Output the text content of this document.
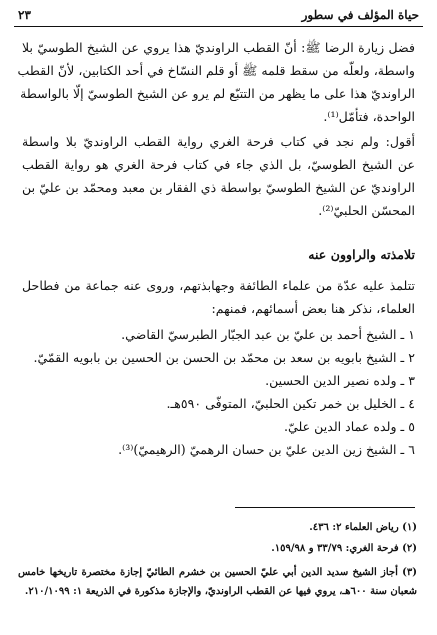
حياة المؤلف في سطور
٢٣
فضل زيارة الرضا ﷺ: أنّ القطب الراونديّ هذا يروي عن الشيخ الطوسيّ بلا
واسطة، ولعلّه من سقط قلمه ﷺ أو قلم النسّاخ في أحد الكتابين، لأنّ القطب
الراونديّ هذا على ما يظهر من التتبّع لم يرو عن الشيخ الطوسيّ إلّا بالواسطة
الواحدة، فتأمّل⁽¹⁾.
أقول: ولم نجد في كتاب فرحة الغري رواية القطب الراونديّ بلا واسطة
عن الشيخ الطوسيّ، بل الذي جاء في كتاب فرحة الغري هو رواية القطب
الراونديّ عن الشيخ الطوسيّ بواسطة ذي الفقار بن معبد ومحمّد بن عليّ بن
المحسّن الحلبيّ⁽²⁾.
تلامذته والراوون عنه
تتلمذ عليه عدّة من علماء الطائفة وجهابذتهم، وروى عنه جماعة من فطاحل
العلماء، نذكر هنا بعض أسمائهم، فمنهم:
١ ـ الشيخ أحمد بن عليّ بن عبد الجبّار الطبرسيّ القاضي.
٢ ـ الشيخ بابويه بن سعد بن محمّد بن الحسن بن الحسين بن بابويه القمّيّ.
٣ ـ ولده نصير الدين الحسين.
٤ ـ الخليل بن خمر تكين الحلبيّ، المتوفّى ٥٩٠هـ.
٥ ـ ولده عماد الدين عليّ.
٦ ـ الشيخ زين الدين عليّ بن حسان الرهميّ (الرهيميّ)⁽³⁾.
(١) رياض العلماء ٢: ٤٣٦.
(٢) فرحة الغري: ٣٣/٧٩ و ١٥٩/٩٨.
(٣) أجاز الشيخ سديد الدين أبي عليّ الحسين بن خشرم الطائيّ إجازة مختصرة تاريخها خامس
شعبان سنة ٦٠٠هـ، يروي فيها عن القطب الراونديّ، والإجازة مذكورة في الذريعة ١: ٢١٠/١٠٩٩.
